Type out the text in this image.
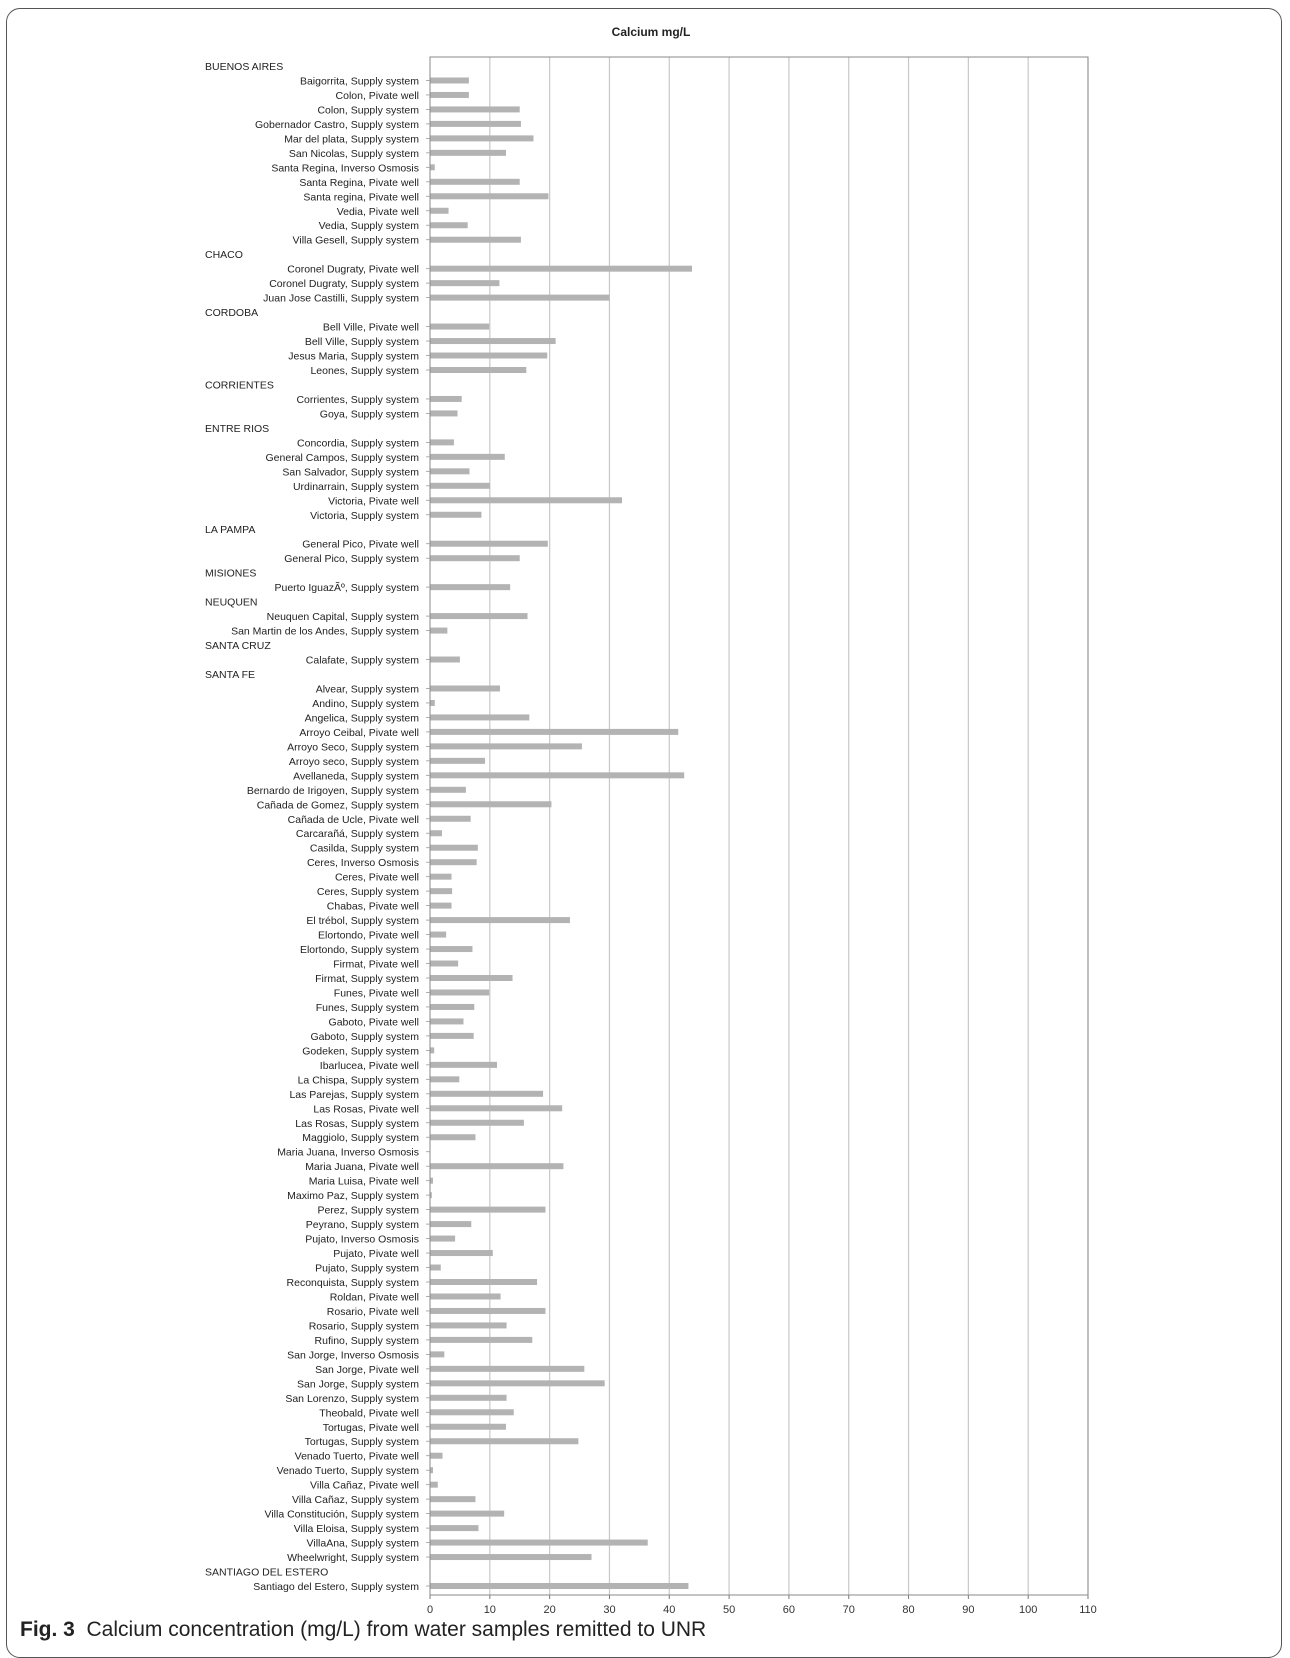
Calcium mg/L
BUENOS AIRES
Baigorrita, Supply system
Colon, Pivate well
Colon, Supply system
Gobernador Castro, Supply system
Mar del plata, Supply system
San Nicolas, Supply system
Santa Regina, Inverso Osmosis
Santa Regina, Pivate well
Santa regina, Pivate well
Vedia, Pivate well
Vedia, Supply system
Villa Gesell, Supply system
CHACO
Coronel Dugraty, Pivate well
Coronel Dugraty, Supply system
Juan Jose Castilli, Supply system
CORDOBA
Bell Ville, Pivate well
Bell Ville, Supply system
Jesus Maria, Supply system
Leones, Supply system
CORRIENTES
Corrientes, Supply system
Goya, Supply system
ENTRE RIOS
Concordia, Supply system
General Campos, Supply system
San Salvador, Supply system
Urdinarrain, Supply system
Victoria, Pivate well
Victoria, Supply system
LA PAMPA
General Pico, Pivate well
General Pico, Supply system
MISIONES
Puerto IguazÃº, Supply system
NEUQUEN
Neuquen Capital, Supply system
San Martin de los Andes, Supply system
SANTA CRUZ
Calafate, Supply system
SANTA FE
Alvear, Supply system
Andino, Supply system
Angelica, Supply system
Arroyo Ceibal, Pivate well
Arroyo Seco, Supply system
Arroyo seco, Supply system
Avellaneda, Supply system
Bernardo de Irigoyen, Supply system
Cañada de Gomez, Supply system
Cañada de Ucle, Pivate well
Carcarañá, Supply system
Casilda, Supply system
Ceres, Inverso Osmosis
Ceres, Pivate well
Ceres, Supply system
Chabas, Pivate well
El trébol, Supply system
Elortondo, Pivate well
Elortondo, Supply system
Firmat, Pivate well
Firmat, Supply system
Funes, Pivate well
Funes, Supply system
Gaboto, Pivate well
Gaboto, Supply system
Godeken, Supply system
Ibarlucea, Pivate well
La Chispa, Supply system
Las Parejas, Supply system
Las Rosas, Pivate well
Las Rosas, Supply system
Maggiolo, Supply system
Maria Juana, Inverso Osmosis
Maria Juana, Pivate well
Maria Luisa, Pivate well
Maximo Paz, Supply system
Perez, Supply system
Peyrano, Supply system
Pujato, Inverso Osmosis
Pujato, Pivate well
Pujato, Supply system
Reconquista, Supply system
Roldan, Pivate well
Rosario, Pivate well
Rosario, Supply system
Rufino, Supply system
San Jorge, Inverso Osmosis
San Jorge, Pivate well
San Jorge, Supply system
San Lorenzo, Supply system
Theobald, Pivate well
Tortugas, Pivate well
Tortugas, Supply system
Venado Tuerto, Pivate well
Venado Tuerto, Supply system
Villa Cañaz, Pivate well
Villa Cañaz, Supply system
Villa Constitución, Supply system
Villa Eloisa, Supply system
VillaAna, Supply system
Wheelwright, Supply system
SANTIAGO DEL ESTERO
Santiago del Estero, Supply system
0	10	20	30	40	50	60	70	80	90	100	110
Fig. 3 Calcium concentration (mg/L) from water samples remitted to UNR
